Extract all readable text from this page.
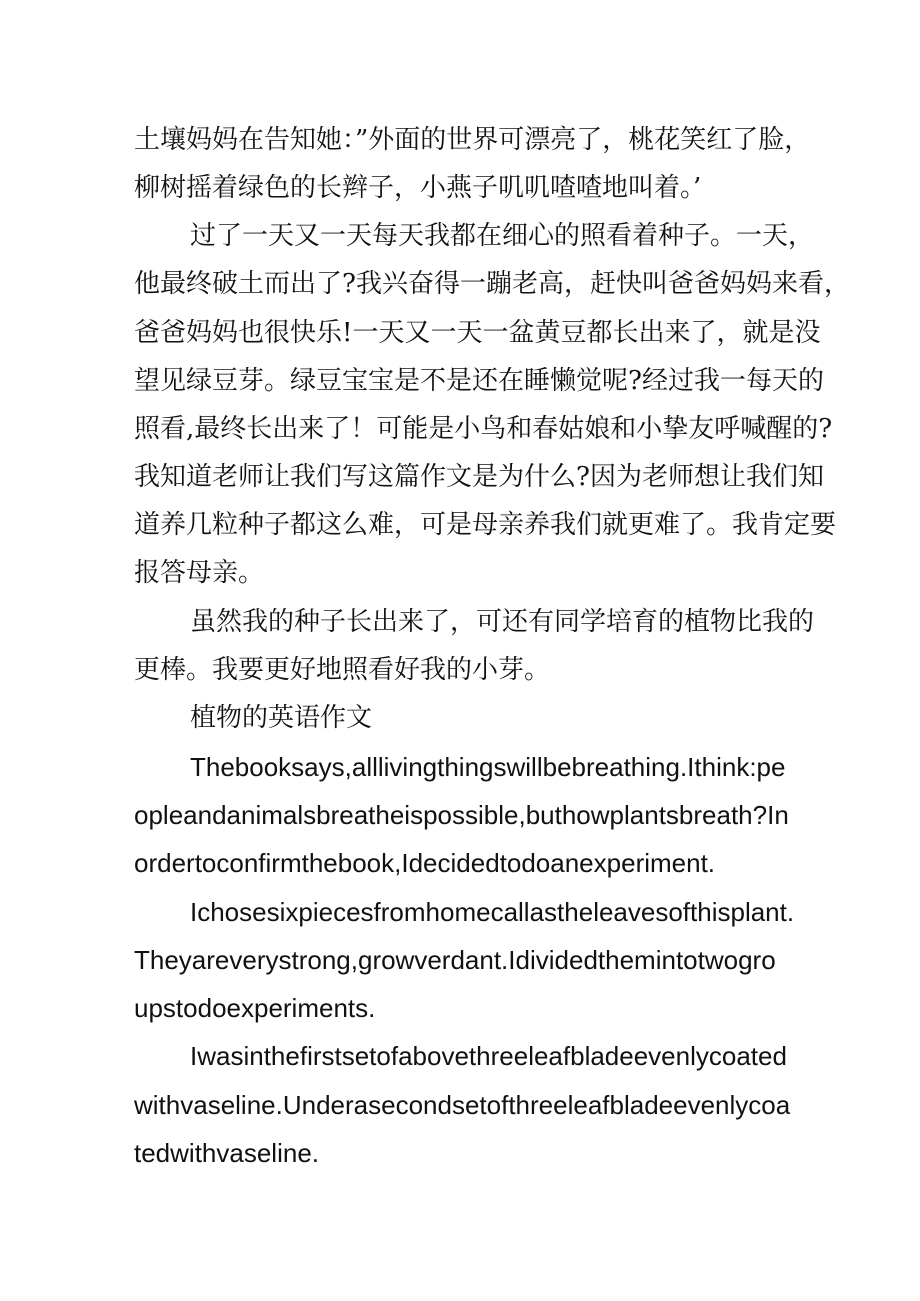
土壤妈妈在告知她：”外面的世界可漂亮了，桃花笑红了脸，
柳树摇着绿色的长辫子，小燕子叽叽喳喳地叫着。’
过了一天又一天每天我都在细心的照看着种子。一天，
他最终破土而出了?我兴奋得一蹦老高，赶快叫爸爸妈妈来看，
爸爸妈妈也很快乐!一天又一天一盆黄豆都长出来了，就是没
望见绿豆芽。绿豆宝宝是不是还在睡懒觉呢?经过我一每天的
照看,最终长出来了！可能是小鸟和春姑娘和小挚友呼喊醒的?
我知道老师让我们写这篇作文是为什么?因为老师想让我们知
道养几粒种子都这么难，可是母亲养我们就更难了。我肯定要
报答母亲。
虽然我的种子长出来了，可还有同学培育的植物比我的
更棒。我要更好地照看好我的小芽。
植物的英语作文
Thebooksays,alllivingthingswillbebreathing.Ithink:pe
opleandanimalsbreatheispossible,buthowplantsbreath?In
ordertoconfirmthebook,Idecidedtodoanexperiment.
Ichosesixpiecesfromhomecallastheleavesofthisplant.
Theyareverystrong,growverdant.Idividedthemintotwogro
upstodoexperiments.
Iwasinthefirstsetofabovethreeleafbladeevenlycoated
withvaseline.Underasecondsetofthreeleafbladeevenlycoa
tedwithvaseline.
